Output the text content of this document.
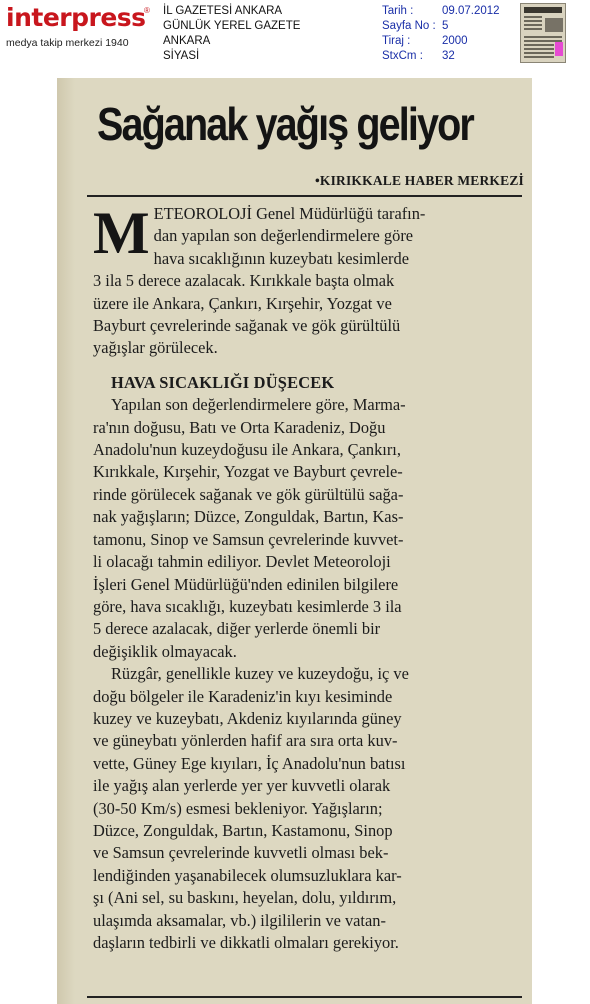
interpress
®
medya takip merkezi 1940
İL GAZETESİ ANKARA
GÜNLÜK YEREL GAZETE
ANKARA
SİYASİ
Tarih :
Sayfa No :
Tiraj :
StxCm :
09.07.2012
5
2000
32
Sağanak yağış geliyor
•KIRIKKALE HABER MERKEZİ
M ETEOROLOJİ Genel Müdürlüğü tarafın-
dan yapılan son değerlendirmelere göre
hava sıcaklığının kuzeybatı kesimlerde
3 ila 5 derece azalacak. Kırıkkale başta olmak
üzere ile Ankara, Çankırı, Kırşehir, Yozgat ve
Bayburt çevrelerinde sağanak ve gök gürültülü
yağışlar görülecek.
HAVA SICAKLIĞI DÜŞECEK
Yapılan son değerlendirmelere göre, Marma-
ra'nın doğusu, Batı ve Orta Karadeniz, Doğu
Anadolu'nun kuzeydoğusu ile Ankara, Çankırı,
Kırıkkale, Kırşehir, Yozgat ve Bayburt çevrele-
rinde görülecek sağanak ve gök gürültülü sağa-
nak yağışların; Düzce, Zonguldak, Bartın, Kas-
tamonu, Sinop ve Samsun çevrelerinde kuvvet-
li olacağı tahmin ediliyor. Devlet Meteoroloji
İşleri Genel Müdürlüğü'nden edinilen bilgilere
göre, hava sıcaklığı, kuzeybatı kesimlerde 3 ila
5 derece azalacak, diğer yerlerde önemli bir
değişiklik olmayacak.
Rüzgâr, genellikle kuzey ve kuzeydoğu, iç ve
doğu bölgeler ile Karadeniz'in kıyı kesiminde
kuzey ve kuzeybatı, Akdeniz kıyılarında güney
ve güneybatı yönlerden hafif ara sıra orta kuv-
vette, Güney Ege kıyıları, İç Anadolu'nun batısı
ile yağış alan yerlerde yer yer kuvvetli olarak
(30-50 Km/s) esmesi bekleniyor. Yağışların;
Düzce, Zonguldak, Bartın, Kastamonu, Sinop
ve Samsun çevrelerinde kuvvetli olması bek-
lendiğinden yaşanabilecek olumsuzluklara kar-
şı (Ani sel, su baskını, heyelan, dolu, yıldırım,
ulaşımda aksamalar, vb.) ilgililerin ve vatan-
daşların tedbirli ve dikkatli olmaları gerekiyor.
